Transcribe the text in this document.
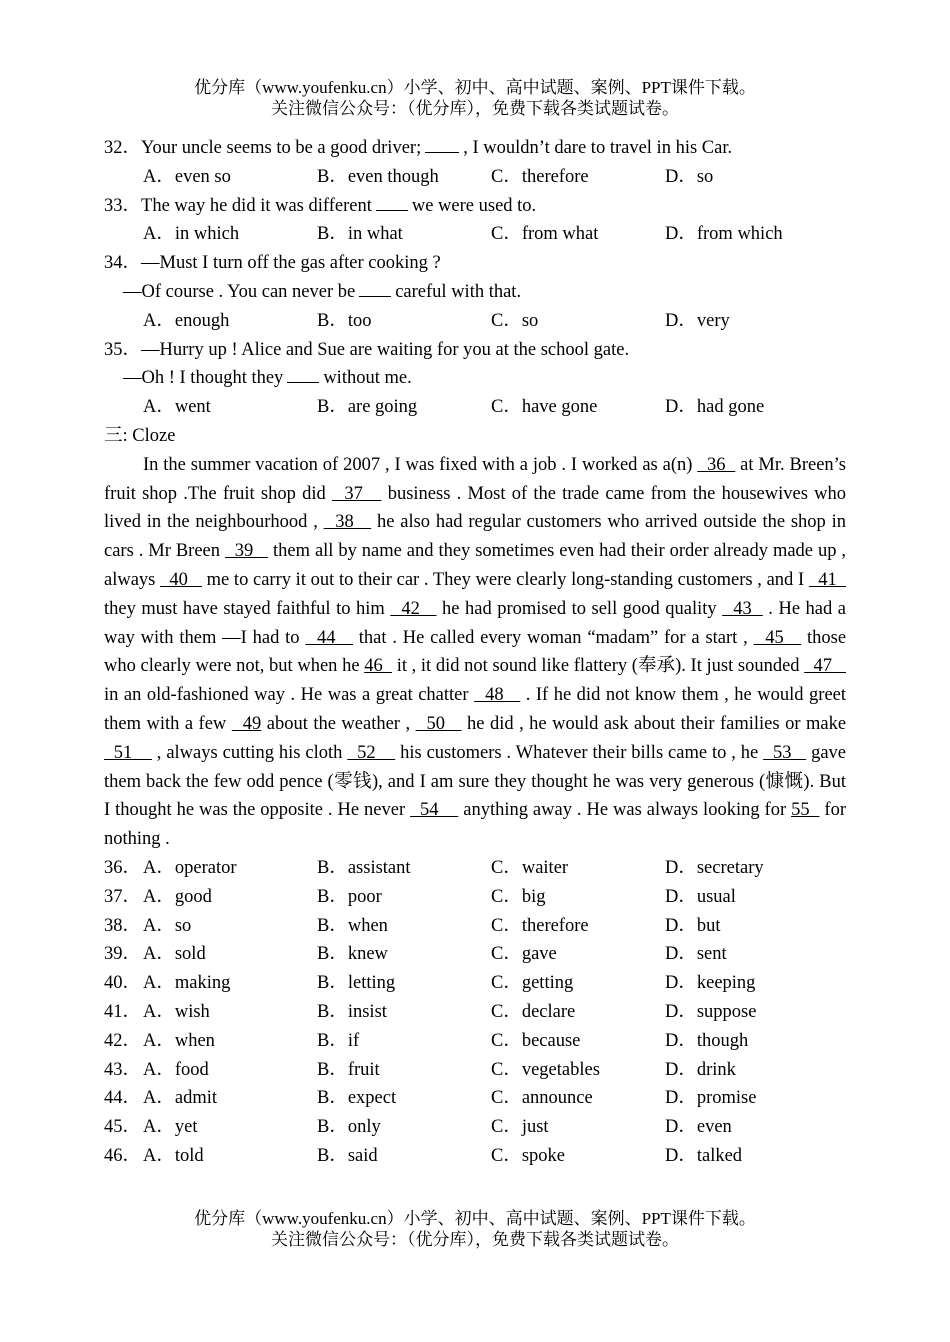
优分库（www.youfenku.cn）小学、初中、高中试题、案例、PPT课件下载。
关注微信公众号：（优分库），免费下载各类试题试卷。
32．Your uncle seems to be a good driver; , I wouldn’t dare to travel in his Car.
A．even so	B．even though	C．therefore	D．so
33．The way he did it was different we were used to.
A．in which	B．in what	C．from what	D．from which
34．—Must I turn off the gas after cooking ?
—Of course . You can never be careful with that.
A．enough	B．too	C．so	D．very
35．—Hurry up ! Alice and Sue are waiting for you at the school gate.
—Oh ! I thought they without me.
A．went	B．are going	C．have gone	D．had gone
三: Cloze
In the summer vacation of 2007 , I was fixed with a job . I worked as a(n)   36   at Mr. Breen’s fruit shop .The fruit shop did   37    business . Most of the trade came from the housewives who lived in the neighbourhood ,   38    he also had regular customers who arrived outside the shop in cars . Mr Breen   39    them all by name and they sometimes even had their order already made up , always   40    me to carry it out to their car . They were clearly long-standing customers , and I   41   they must have stayed faithful to him   42    he had promised to sell good quality   43   . He had a way with them —I had to   44    that . He called every woman “madam” for a start ,   45    those who clearly were not, but when he 46   it , it did not sound like flattery (奉承). It just sounded   47    in an old-fashioned way . He was a great chatter   48    . If he did not know them , he would greet them with a few   49 about the weather ,   50    he did , he would ask about their families or make   51     , always cutting his cloth   52     his customers . Whatever their bills came to , he   53    gave them back the few odd pence (零钱), and I am sure they thought he was very generous (慷慨). But I thought he was the opposite . He never   54     anything away . He was always looking for 55   for nothing .
36． A．operator	B．assistant	C．waiter	D．secretary
37． A．good	B．poor	C．big	D．usual
38． A．so	B．when	C．therefore	D．but
39． A．sold	B．knew	C．gave	D．sent
40． A．making	B．letting	C．getting	D．keeping
41． A．wish	B．insist	C．declare	D．suppose
42． A．when	B．if	C．because	D．though
43． A．food	B．fruit	C．vegetables	D．drink
44． A．admit	B．expect	C．announce	D．promise
45． A．yet	B．only	C．just	D．even
46． A．told	B．said	C．spoke	D．talked
优分库（www.youfenku.cn）小学、初中、高中试题、案例、PPT课件下载。
关注微信公众号：（优分库），免费下载各类试题试卷。
